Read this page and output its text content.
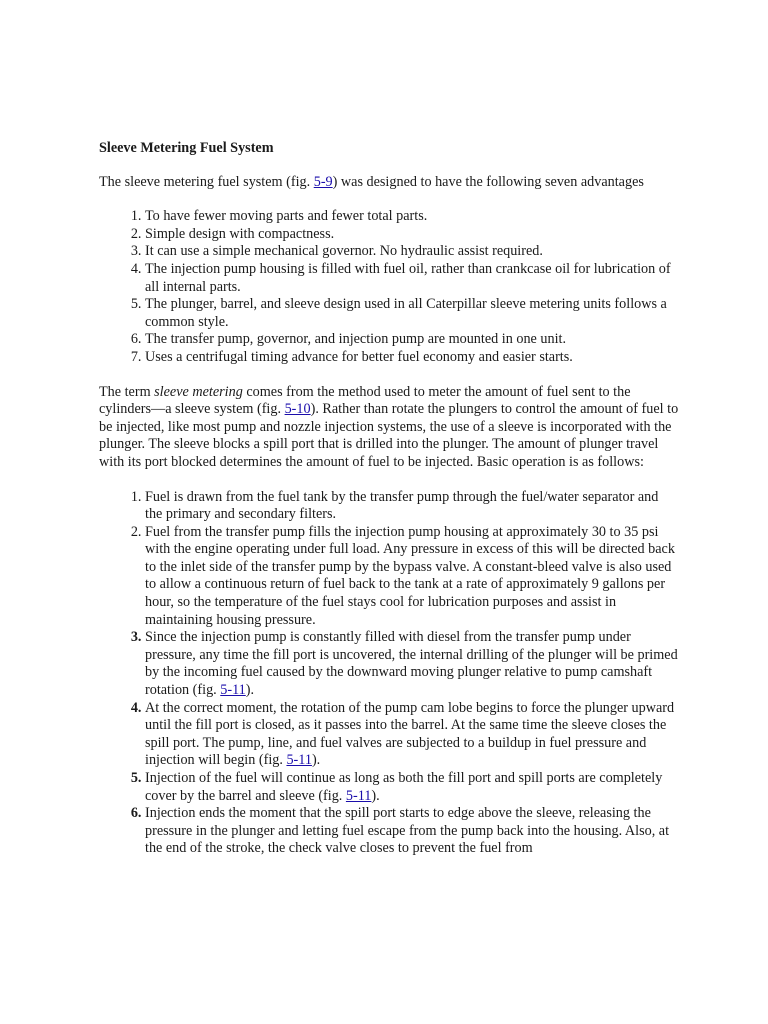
Sleeve Metering Fuel System

The sleeve metering fuel system (fig. 5-9) was designed to have the following seven advantages

1. To have fewer moving parts and fewer total parts.
2. Simple design with compactness.
3. It can use a simple mechanical governor. No hydraulic assist required.
4. The injection pump housing is filled with fuel oil, rather than crankcase oil for lubrication of all internal parts.
5. The plunger, barrel, and sleeve design used in all Caterpillar sleeve metering units follows a common style.
6. The transfer pump, governor, and injection pump are mounted in one unit.
7. Uses a centrifugal timing advance for better fuel economy and easier starts.

The term sleeve metering comes from the method used to meter the amount of fuel sent to the cylinders—a sleeve system (fig. 5-10). Rather than rotate the plungers to control the amount of fuel to be injected, like most pump and nozzle injection systems, the use of a sleeve is incorporated with the plunger. The sleeve blocks a spill port that is drilled into the plunger. The amount of plunger travel with its port blocked determines the amount of fuel to be injected. Basic operation is as follows:

1. Fuel is drawn from the fuel tank by the transfer pump through the fuel/water separator and the primary and secondary filters.
2. Fuel from the transfer pump fills the injection pump housing at approximately 30 to 35 psi with the engine operating under full load. Any pressure in excess of this will be directed back to the inlet side of the transfer pump by the bypass valve. A constant-bleed valve is also used to allow a continuous return of fuel back to the tank at a rate of approximately 9 gallons per hour, so the temperature of the fuel stays cool for lubrication purposes and assist in maintaining housing pressure.
3. Since the injection pump is constantly filled with diesel from the transfer pump under pressure, any time the fill port is uncovered, the internal drilling of the plunger will be primed by the incoming fuel caused by the downward moving plunger relative to pump camshaft rotation (fig. 5-11).
4. At the correct moment, the rotation of the pump cam lobe begins to force the plunger upward until the fill port is closed, as it passes into the barrel. At the same time the sleeve closes the spill port. The pump, line, and fuel valves are subjected to a buildup in fuel pressure and injection will begin (fig. 5-11).
5. Injection of the fuel will continue as long as both the fill port and spill ports are completely cover by the barrel and sleeve (fig. 5-11).
6. Injection ends the moment that the spill port starts to edge above the sleeve, releasing the pressure in the plunger and letting fuel escape from the pump back into the housing. Also, at the end of the stroke, the check valve closes to prevent the fuel from
